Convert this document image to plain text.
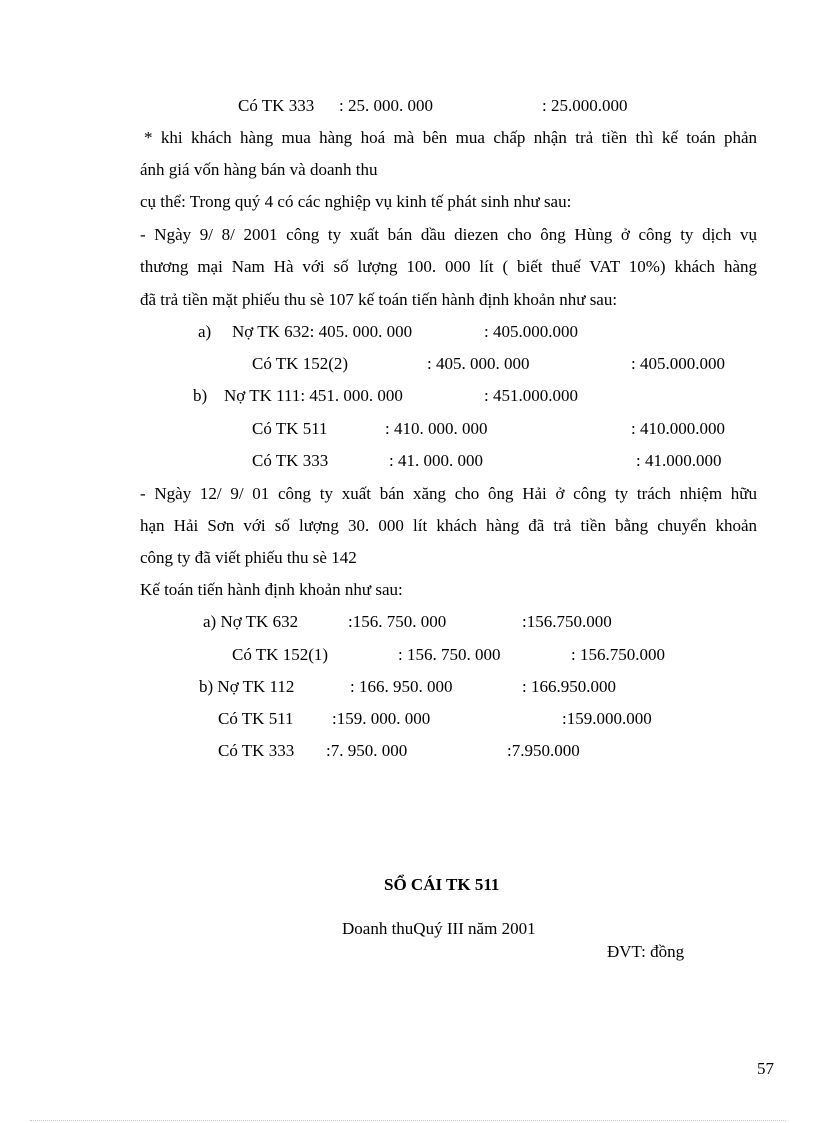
Có TK 333 : 25. 000. 000	: 25.000.000
* khi khách hàng mua hàng hoá mà bên mua chấp nhận trả tiền thì kế toán phản
ánh giá vốn hàng bán và doanh thu
cụ thể: Trong quý 4 có các nghiệp vụ kinh tế phát sinh như sau:
- Ngày 9/ 8/ 2001 công ty xuất bán dầu diezen cho ông Hùng ở công ty dịch vụ
thương mại Nam Hà với số lượng 100. 000 lít ( biết thuế VAT 10%) khách hàng
đã trả tiền mặt phiếu thu sè 107 kế toán tiến hành định khoản như sau:
a) Nợ TK 632: 405. 000. 000	: 405.000.000
Có TK 152(2)	: 405. 000. 000	: 405.000.000
b) Nợ TK 111: 451. 000. 000	: 451.000.000
Có TK 511	: 410. 000. 000	: 410.000.000
Có TK 333	: 41. 000. 000	: 41.000.000
- Ngày 12/ 9/ 01 công ty xuất bán xăng cho ông Hải ở công ty trách nhiệm hữu
hạn Hải Sơn với số lượng 30. 000 lít khách hàng đã trả tiền bằng chuyển khoản
công ty đã viết phiếu thu sè 142
Kế toán tiến hành định khoản như sau:
a) Nợ TK 632	:156. 750. 000	:156.750.000
Có TK 152(1)	: 156. 750. 000	: 156.750.000
b) Nợ TK 112	: 166. 950. 000	: 166.950.000
Có TK 511 :159. 000. 000	:159.000.000
Có TK 333 :7. 950. 000	:7.950.000
SỔ CÁI TK 511
Doanh thuQuý III năm 2001
ĐVT: đồng
57
